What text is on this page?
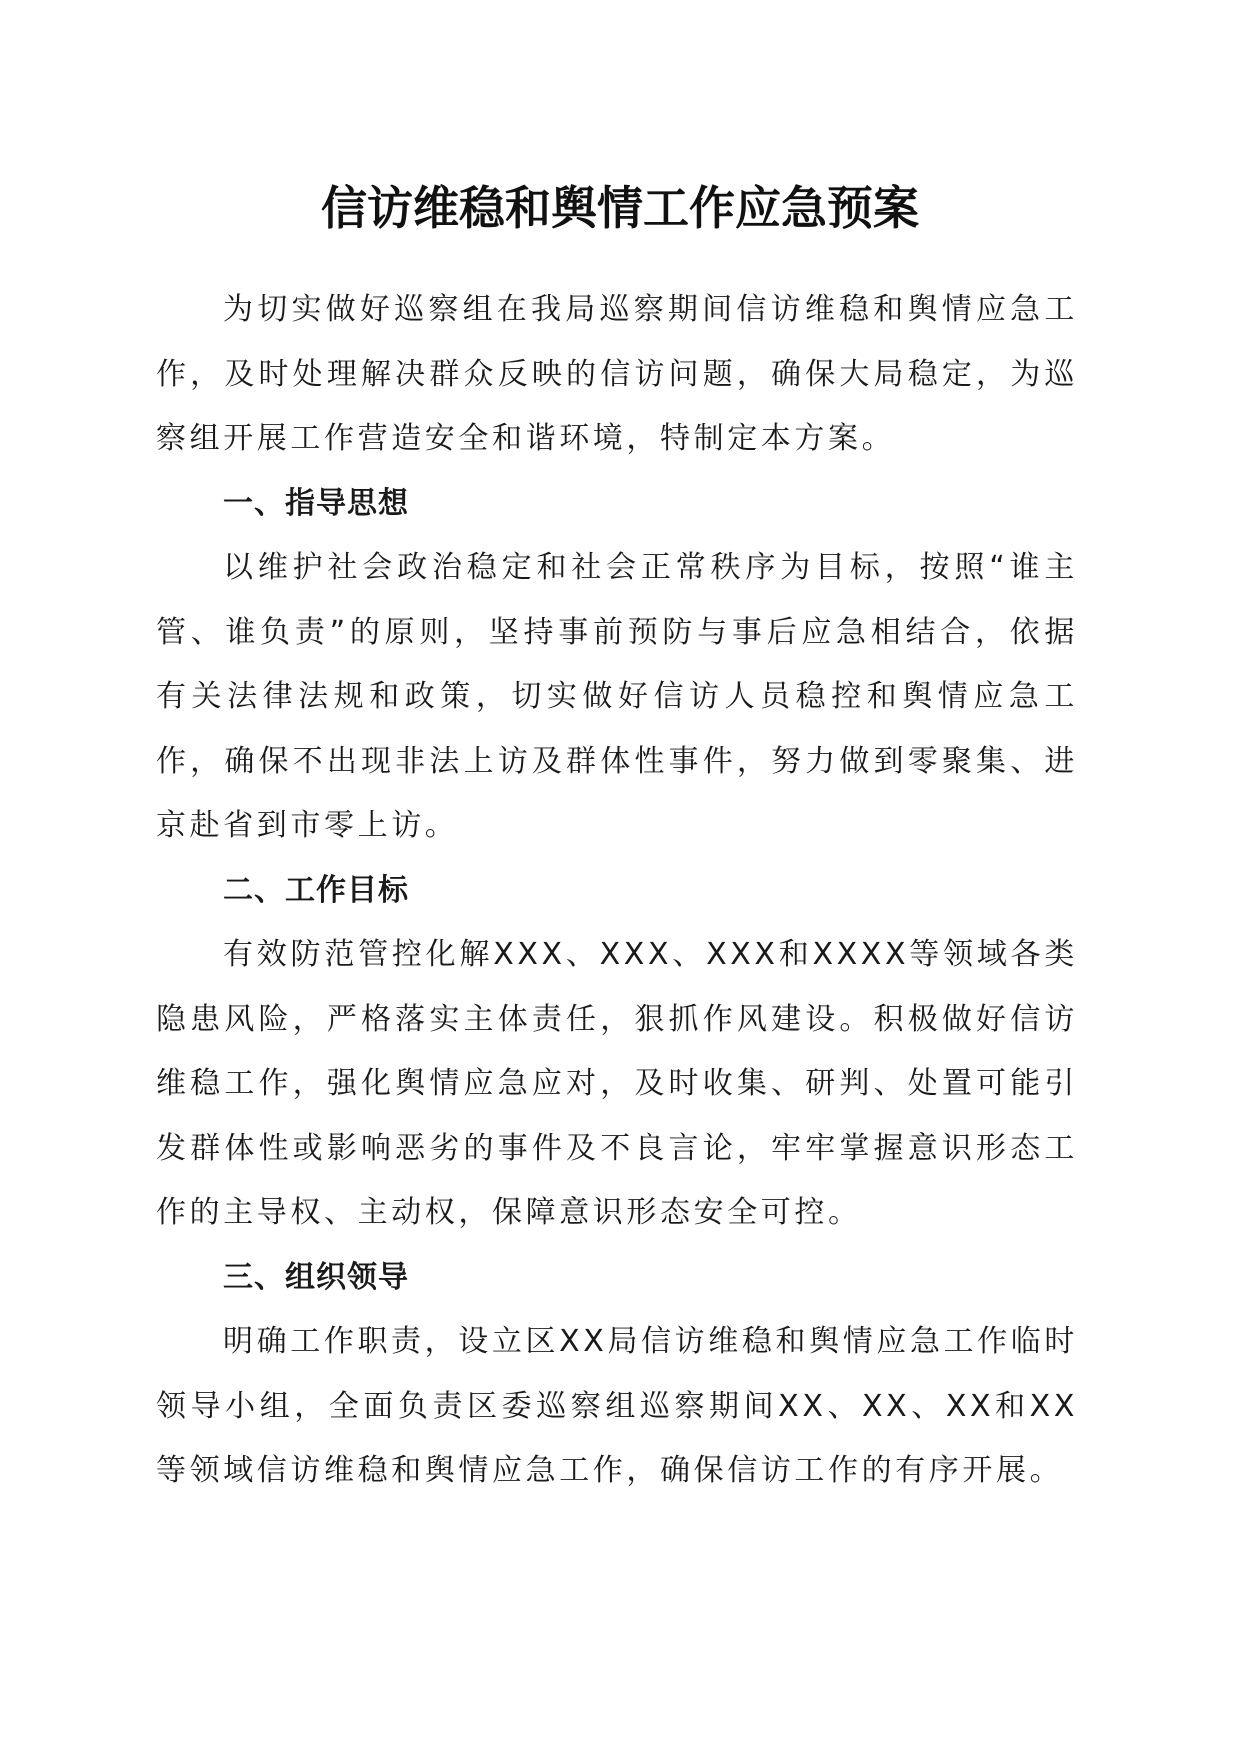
信访维稳和舆情工作应急预案

为切实做好巡察组在我局巡察期间信访维稳和舆情应急工作，及时处理解决群众反映的信访问题，确保大局稳定，为巡察组开展工作营造安全和谐环境，特制定本方案。

一、指导思想

以维护社会政治稳定和社会正常秩序为目标，按照“谁主管、谁负责”的原则，坚持事前预防与事后应急相结合，依据有关法律法规和政策，切实做好信访人员稳控和舆情应急工作，确保不出现非法上访及群体性事件，努力做到零聚集、进京赴省到市零上访。

二、工作目标

有效防范管控化解XXX、XXX、XXX和XXXX等领域各类隐患风险，严格落实主体责任，狠抓作风建设。积极做好信访维稳工作，强化舆情应急应对，及时收集、研判、处置可能引发群体性或影响恶劣的事件及不良言论，牢牢掌握意识形态工作的主导权、主动权，保障意识形态安全可控。

三、组织领导

明确工作职责，设立区XX局信访维稳和舆情应急工作临时领导小组，全面负责区委巡察组巡察期间XX、XX、XX和XX等领域信访维稳和舆情应急工作，确保信访工作的有序开展。
